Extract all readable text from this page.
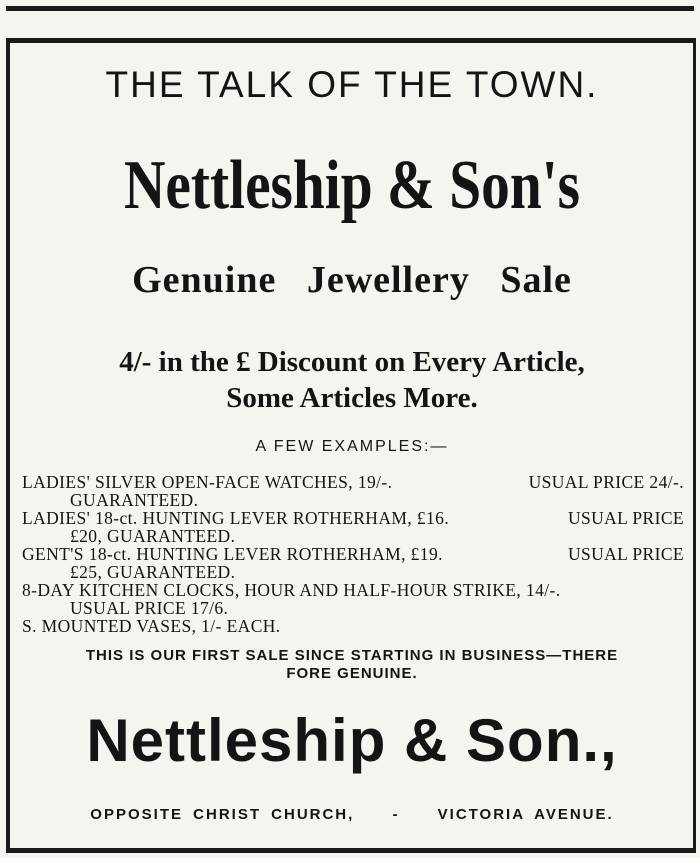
THE TALK OF THE TOWN.
Nettleship & Son's
Genuine Jewellery Sale
4/- in the £ Discount on Every Article,
Some Articles More.
A FEW EXAMPLES:—
LADIES' SILVER OPEN-FACE WATCHES, 19/-.	USUAL PRICE 24/-.
GUARANTEED.
LADIES' 18-ct. HUNTING LEVER ROTHERHAM, £16.	USUAL PRICE
£20, GUARANTEED.
GENT'S 18-ct. HUNTING LEVER ROTHERHAM, £19.	USUAL PRICE
£25, GUARANTEED.
8-DAY KITCHEN CLOCKS, HOUR AND HALF-HOUR STRIKE, 14/-.
USUAL PRICE 17/6.
S. MOUNTED VASES, 1/- EACH.
THIS IS OUR FIRST SALE SINCE STARTING IN BUSINESS—THERE
FORE GENUINE.
Nettleship & Son.,
OPPOSITE CHRIST CHURCH,	-	VICTORIA AVENUE.
